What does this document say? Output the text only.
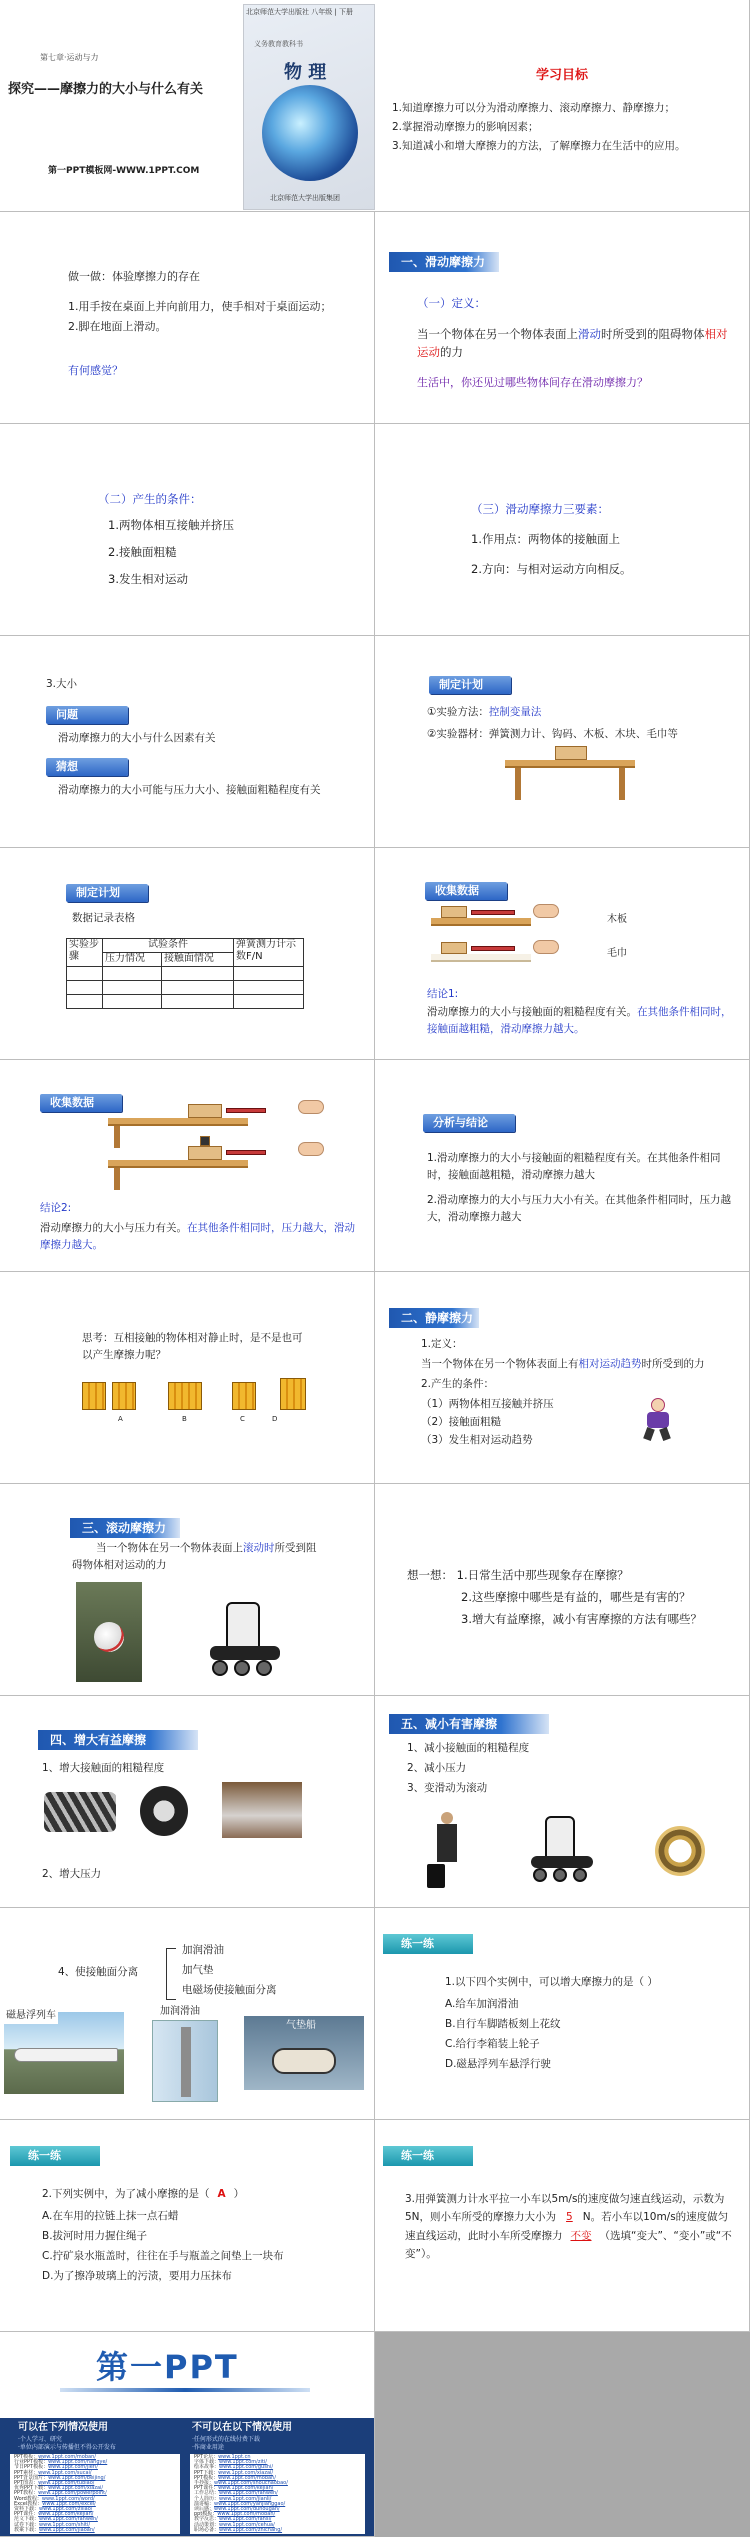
第七章·运动与力
探究——摩擦力的大小与什么有关
第一PPT模板网-WWW.1PPT.COM
北京师范大学出版社 八年级 | 下册
物 理
义务教育教科书
北京师范大学出版集团
学习目标
1.知道摩擦力可以分为滑动摩擦力、滚动摩擦力、静摩擦力；
2.掌握滑动摩擦力的影响因素；
3.知道减小和增大摩擦力的方法，了解摩擦力在生活中的应用。
做一做：体验摩擦力的存在
1.用手按在桌面上并向前用力，使手相对于桌面运动；
2.脚在地面上滑动。
有何感觉？
一、滑动摩擦力
（一）定义：
当一个物体在另一个物体表面上滑动时所受到的阻碍物体相对运动的力
生活中，你还见过哪些物体间存在滑动摩擦力？
（二）产生的条件：
1.两物体相互接触并挤压
2.接触面粗糙
3.发生相对运动
（三）滑动摩擦力三要素：
1.作用点：两物体的接触面上
2.方向：与相对运动方向相反。
3.大小
问题
滑动摩擦力的大小与什么因素有关
猜想
滑动摩擦力的大小可能与压力大小、接触面粗糙程度有关
制定计划
①实验方法：控制变量法
②实验器材：弹簧测力计、钩码、木板、木块、毛巾等
制定计划
数据记录表格
实验步骤	试验条件		弹簧测力计示数F/N
	压力情况	接触面情况	

收集数据
木板
毛巾
结论1:
滑动摩擦力的大小与接触面的粗糙程度有关。在其他条件相同时，接触面越粗糙，滑动摩擦力越大。
收集数据
结论2:
滑动摩擦力的大小与压力有关。在其他条件相同时，压力越大，滑动摩擦力越大。
分析与结论
1.滑动摩擦力的大小与接触面的粗糙程度有关。在其他条件相同时，接触面越粗糙，滑动摩擦力越大
2.滑动摩擦力的大小与压力大小有关。在其他条件相同时，压力越大，滑动摩擦力越大
思考：互相接触的物体相对静止时，是不是也可以产生摩擦力呢？
A	B	C	D
二、静摩擦力
1.定义：
当一个物体在另一个物体表面上有相对运动趋势时所受到的力
2.产生的条件：
（1）两物体相互接触并挤压
（2）接触面粗糙
（3）发生相对运动趋势
三、滚动摩擦力
当一个物体在另一个物体表面上滚动时所受到阻碍物体相对运动的力
想一想： 1.日常生活中那些现象存在摩擦？
2.这些摩擦中哪些是有益的，哪些是有害的？
3.增大有益摩擦，减小有害摩擦的方法有哪些？
四、增大有益摩擦
1、增大接触面的粗糙程度
2、增大压力
五、减小有害摩擦
1、减小接触面的粗糙程度
2、减小压力
3、变滑动为滚动
4、使接触面分离
加润滑油
加气垫
电磁场使接触面分离
磁悬浮列车	加润滑油
气垫船
练一练
1.以下四个实例中，可以增大摩擦力的是（ ）
A.给车加润滑油
B.自行车脚踏板刻上花纹
C.给行李箱装上轮子
D.磁悬浮列车悬浮行驶
练一练
2.下列实例中，为了减小摩擦的是（ A ）
A.在车用的拉链上抹一点石蜡
B.拔河时用力握住绳子
C.拧矿泉水瓶盖时，往往在手与瓶盖之间垫上一块布
D.为了擦净玻璃上的污渍，要用力压抹布
练一练
3.用弹簧测力计水平拉一小车以5m/s的速度做匀速直线运动，示数为5N，则小车所受的摩擦力大小为 5 N。若小车以10m/s的速度做匀速直线运动，此时小车所受摩擦力 不变 （选填“变大”、“变小”或“不变”）。
第一PPT
可以在下列情况使用	不可以在以下情况使用
·个人学习、研究
·单位内部演示与传播但不得公开发布
·任何形式的在线付费下载
·作商业用途
PPT模板：www.1ppt.com/moban/
行业PPT模板：www.1ppt.com/hangye/
节日PPT模板：www.1ppt.com/jieri/
PPT素材：www.1ppt.com/sucai/
PPT背景图片：www.1ppt.com/beijing/
PPT图表：www.1ppt.com/tubiao/
优秀PPT下载：www.1ppt.com/xiazai/
PPT教程：www.1ppt.com/powerpoint/
Word教程：www.1ppt.com/word/
Excel教程：www.1ppt.com/excel/
资料下载：www.1ppt.com/ziliao/
PPT课件：www.1ppt.com/kejian/
范文下载：www.1ppt.com/fanwen/
试卷下载：www.1ppt.com/shiti/
教案下载：www.1ppt.com/jiaoan/
PPT论坛：www.1ppt.cn
字体下载：www.1ppt.com/ziti/
绘本故事：www.1ppt.com/gushi/
PPT下载：www.1ppt.com/xiazai/
PPT模板：www.1ppt.com/moban/
手抄报：www.1ppt.com/shouchaobao/
PPT课件：www.1ppt.com/kejian/
工作总结：www.1ppt.com/fanwen/
个人简历：www.1ppt.com/jianli/
演讲稿：www.1ppt.com/yanjianggao/
读后感：www.1ppt.com/duhougan/
ppt模板：www.1ppt.com/moban/
教学反思：www.1ppt.com/fansi/
活动策划：www.1ppt.com/cehua/
职场必备：www.1ppt.com/zhichang/
